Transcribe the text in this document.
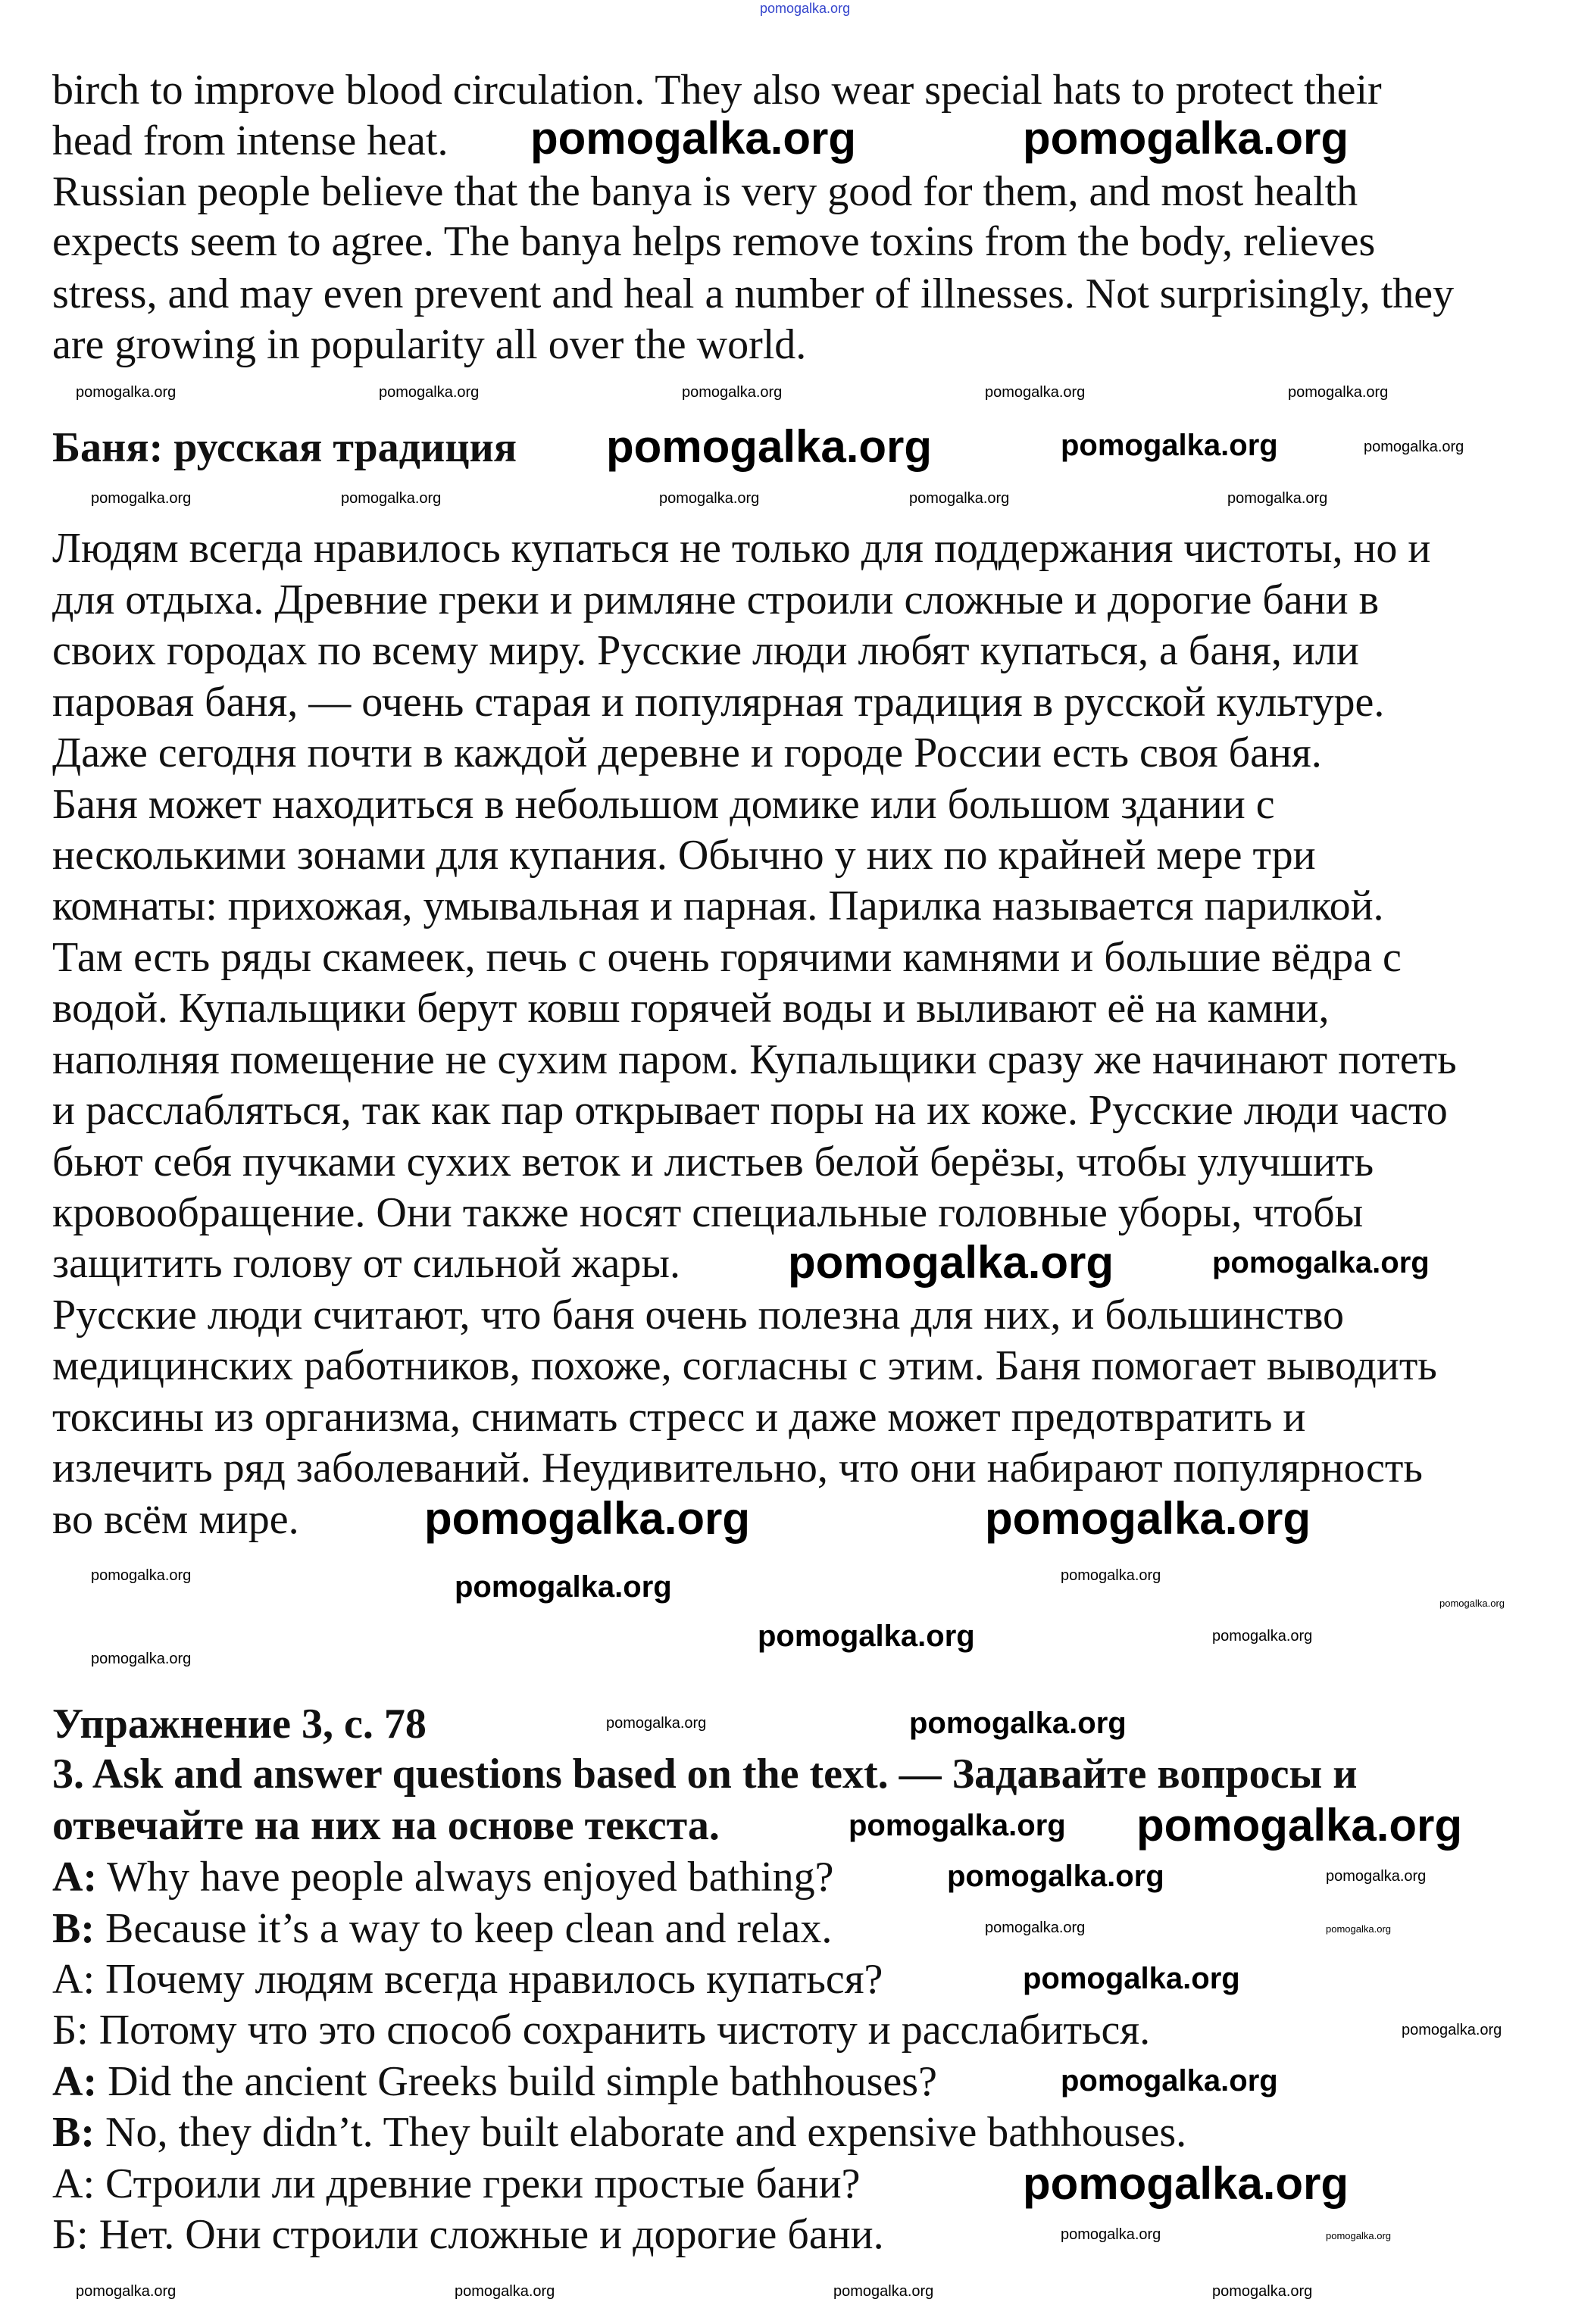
birch to improve blood circulation. They also wear special hats to protect their
head from intense heat.
Russian people believe that the banya is very good for them, and most health
expects seem to agree. The banya helps remove toxins from the body, relieves
stress, and may even prevent and heal a number of illnesses. Not surprisingly, they
are growing in popularity all over the world.
Баня: русская традиция
Людям всегда нравилось купаться не только для поддержания чистоты, но и
для отдыха. Древние греки и римляне строили сложные и дорогие бани в
своих городах по всему миру. Русские люди любят купаться, а баня, или
паровая баня, — очень старая и популярная традиция в русской культуре.
Даже сегодня почти в каждой деревне и городе России есть своя баня.
Баня может находиться в небольшом домике или большом здании с
несколькими зонами для купания. Обычно у них по крайней мере три
комнаты: прихожая, умывальная и парная. Парилка называется парилкой.
Там есть ряды скамеек, печь с очень горячими камнями и большие вёдра с
водой. Купальщики берут ковш горячей воды и выливают её на камни,
наполняя помещение не сухим паром. Купальщики сразу же начинают потеть
и расслабляться, так как пар открывает поры на их коже. Русские люди часто
бьют себя пучками сухих веток и листьев белой берёзы, чтобы улучшить
кровообращение. Они также носят специальные головные уборы, чтобы
защитить голову от сильной жары.
Русские люди считают, что баня очень полезна для них, и большинство
медицинских работников, похоже, согласны с этим. Баня помогает выводить
токсины из организма, снимать стресс и даже может предотвратить и
излечить ряд заболеваний. Неудивительно, что они набирают популярность
во всём мире.
Упражнение 3, с. 78
3. Ask and answer questions based on the text. — Задавайте вопросы и
отвечайте на них на основе текста.
A: Why have people always enjoyed bathing?
B: Because it’s a way to keep clean and relax.
А: Почему людям всегда нравилось купаться?
Б: Потому что это способ сохранить чистоту и расслабиться.
A: Did the ancient Greeks build simple bathhouses?
B: No, they didn’t. They built elaborate and expensive bathhouses.
А: Строили ли древние греки простые бани?
Б: Нет. Они строили сложные и дорогие бани.
pomogalka.org
pomogalka.org	pomogalka.org
pomogalka.org	pomogalka.org	pomogalka.org	pomogalka.org	pomogalka.org
pomogalka.org	pomogalka.org	pomogalka.org
pomogalka.org	pomogalka.org	pomogalka.org	pomogalka.org	pomogalka.org
pomogalka.org	pomogalka.org
pomogalka.org	pomogalka.org
pomogalka.org	pomogalka.org	pomogalka.org
pomogalka.org
pomogalka.org	pomogalka.org
pomogalka.org
pomogalka.org	pomogalka.org
pomogalka.org pomogalka.org
pomogalka.org	pomogalka.org
pomogalka.org	pomogalka.org
pomogalka.org
pomogalka.org
pomogalka.org
pomogalka.org
pomogalka.org	pomogalka.org
pomogalka.org	pomogalka.org	pomogalka.org	pomogalka.org
